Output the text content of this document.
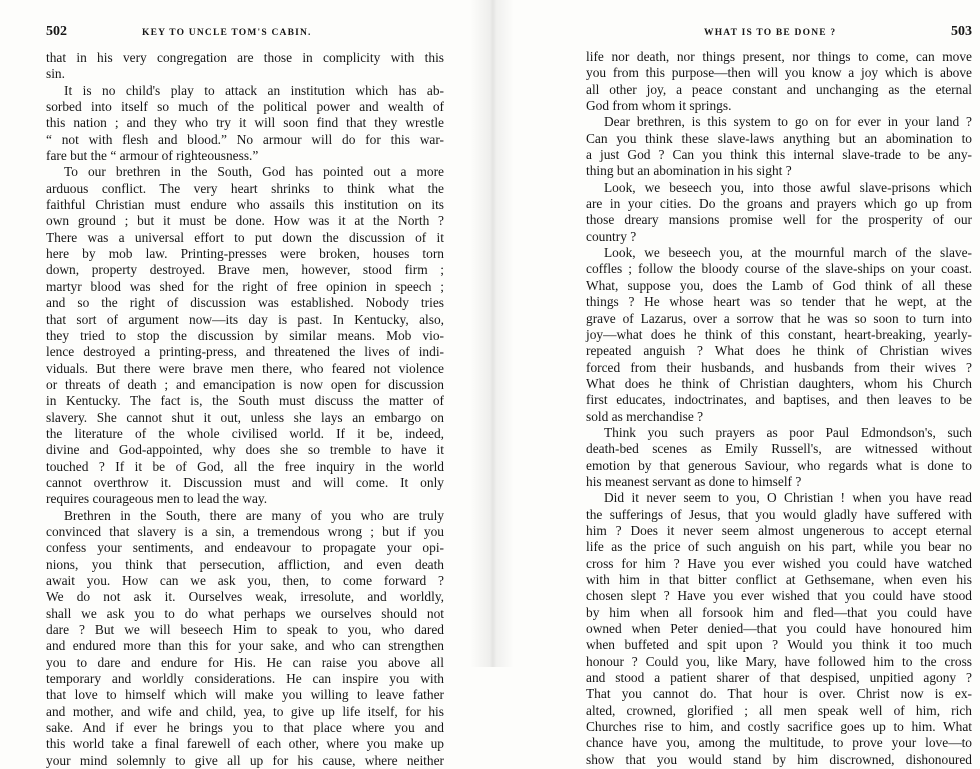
502	KEY TO UNCLE TOM'S CABIN.
that in his very congregation are those in complicity with this
sin.
It is no child's play to attack an institution which has ab-
sorbed into itself so much of the political power and wealth of
this nation ; and they who try it will soon find that they wrestle
“ not with flesh and blood.” No armour will do for this war-
fare but the “ armour of righteousness.”
To our brethren in the South, God has pointed out a more
arduous conflict. The very heart shrinks to think what the
faithful Christian must endure who assails this institution on its
own ground ; but it must be done. How was it at the North ?
There was a universal effort to put down the discussion of it
here by mob law. Printing-presses were broken, houses torn
down, property destroyed. Brave men, however, stood firm ;
martyr blood was shed for the right of free opinion in speech ;
and so the right of discussion was established. Nobody tries
that sort of argument now—its day is past. In Kentucky, also,
they tried to stop the discussion by similar means. Mob vio-
lence destroyed a printing-press, and threatened the lives of indi-
viduals. But there were brave men there, who feared not violence
or threats of death ; and emancipation is now open for discussion
in Kentucky. The fact is, the South must discuss the matter of
slavery. She cannot shut it out, unless she lays an embargo on
the literature of the whole civilised world. If it be, indeed,
divine and God-appointed, why does she so tremble to have it
touched ? If it be of God, all the free inquiry in the world
cannot overthrow it. Discussion must and will come. It only
requires courageous men to lead the way.
Brethren in the South, there are many of you who are truly
convinced that slavery is a sin, a tremendous wrong ; but if you
confess your sentiments, and endeavour to propagate your opi-
nions, you think that persecution, affliction, and even death
await you. How can we ask you, then, to come forward ?
We do not ask it. Ourselves weak, irresolute, and worldly,
shall we ask you to do what perhaps we ourselves should not
dare ? But we will beseech Him to speak to you, who dared
and endured more than this for your sake, and who can strengthen
you to dare and endure for His. He can raise you above all
temporary and worldly considerations. He can inspire you with
that love to himself which will make you willing to leave father
and mother, and wife and child, yea, to give up life itself, for his
sake. And if ever he brings you to that place where you and
this world take a final farewell of each other, where you make up
your mind solemnly to give all up for his cause, where neither
WHAT IS TO BE DONE ?	503
life nor death, nor things present, nor things to come, can move
you from this purpose—then will you know a joy which is above
all other joy, a peace constant and unchanging as the eternal
God from whom it springs.
Dear brethren, is this system to go on for ever in your land ?
Can you think these slave-laws anything but an abomination to
a just God ? Can you think this internal slave-trade to be any-
thing but an abomination in his sight ?
Look, we beseech you, into those awful slave-prisons which
are in your cities. Do the groans and prayers which go up from
those dreary mansions promise well for the prosperity of our
country ?
Look, we beseech you, at the mournful march of the slave-
coffles ; follow the bloody course of the slave-ships on your coast.
What, suppose you, does the Lamb of God think of all these
things ? He whose heart was so tender that he wept, at the
grave of Lazarus, over a sorrow that he was so soon to turn into
joy—what does he think of this constant, heart-breaking, yearly-
repeated anguish ? What does he think of Christian wives
forced from their husbands, and husbands from their wives ?
What does he think of Christian daughters, whom his Church
first educates, indoctrinates, and baptises, and then leaves to be
sold as merchandise ?
Think you such prayers as poor Paul Edmondson's, such
death-bed scenes as Emily Russell's, are witnessed without
emotion by that generous Saviour, who regards what is done to
his meanest servant as done to himself ?
Did it never seem to you, O Christian ! when you have read
the sufferings of Jesus, that you would gladly have suffered with
him ? Does it never seem almost ungenerous to accept eternal
life as the price of such anguish on his part, while you bear no
cross for him ? Have you ever wished you could have watched
with him in that bitter conflict at Gethsemane, when even his
chosen slept ? Have you ever wished that you could have stood
by him when all forsook him and fled—that you could have
owned when Peter denied—that you could have honoured him
when buffeted and spit upon ? Would you think it too much
honour ? Could you, like Mary, have followed him to the cross
and stood a patient sharer of that despised, unpitied agony ?
That you cannot do. That hour is over. Christ now is ex-
alted, crowned, glorified ; all men speak well of him, rich
Churches rise to him, and costly sacrifice goes up to him. What
chance have you, among the multitude, to prove your love—to
show that you would stand by him discrowned, dishonoured
